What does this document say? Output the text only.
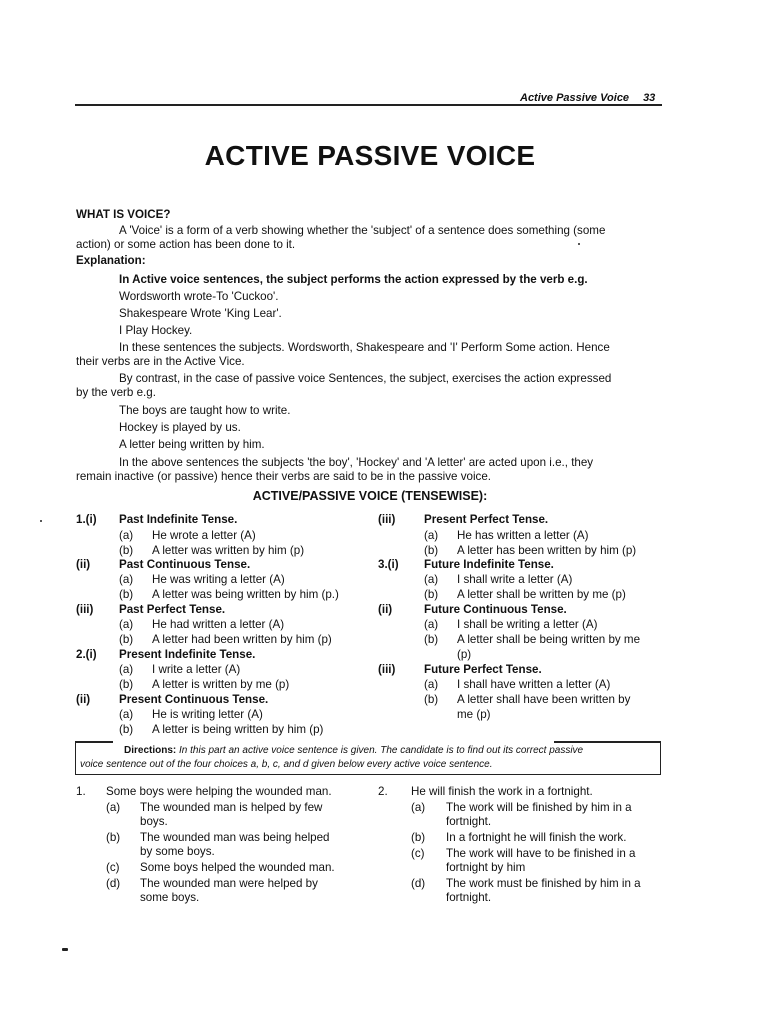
Active Passive Voice 33
ACTIVE PASSIVE VOICE
WHAT IS VOICE?
A 'Voice' is a form of a verb showing whether the 'subject' of a sentence does something (some
action) or some action has been done to it.
Explanation:
In Active voice sentences, the subject performs the action expressed by the verb e.g.
Wordsworth wrote-To 'Cuckoo'.
Shakespeare Wrote 'King Lear'.
I Play Hockey.
In these sentences the subjects. Wordsworth, Shakespeare and 'I' Perform Some action. Hence
their verbs are in the Active Vice.
By contrast, in the case of passive voice Sentences, the subject, exercises the action expressed
by the verb e.g.
The boys are taught how to write.
Hockey is played by us.
A letter being written by him.
In the above sentences the subjects 'the boy', 'Hockey' and 'A letter' are acted upon i.e., they
remain inactive (or passive) hence their verbs are said to be in the passive voice.
ACTIVE/PASSIVE VOICE (TENSEWISE):
1.(i) Past Indefinite Tense.
(a) He wrote a letter (A)
(b) A letter was written by him (p)
(ii) Past Continuous Tense.
(a) He was writing a letter (A)
(b) A letter was being written by him (p.)
(iii) Past Perfect Tense.
(a) He had written a letter (A)
(b) A letter had been written by him (p)
2.(i) Present Indefinite Tense.
(a) I write a letter (A)
(b) A letter is written by me (p)
(ii) Present Continuous Tense.
(a) He is writing letter (A)
(b) A letter is being written by him (p)
(iii) Present Perfect Tense.
(a) He has written a letter (A)
(b) A letter has been written by him (p)
3.(i) Future Indefinite Tense.
(a) I shall write a letter (A)
(b) A letter shall be written by me (p)
(ii)	Future Continuous Tense.
(a) I shall be writing a letter (A)
(b) A letter shall be being written by me
(p)
(iii) Future Perfect Tense.
(a) I shall have written a letter (A)
(b) A letter shall have been written by
me (p)
Directions: In this part an active voice sentence is given. The candidate is to find out its correct passive
voice sentence out of the four choices a, b, c, and d given below every active voice sentence.
1. Some boys were helping the wounded man.
(a) The wounded man is helped by few
boys.
(b) The wounded man was being helped
by some boys.
(c) Some boys helped the wounded man.
(d) The wounded man were helped by
some boys.
2. He will finish the work in a fortnight.
(a) The work will be finished by him in a
fortnight.
(b) In a fortnight he will finish the work.
(c) The work will have to be finished in a
fortnight by him
(d) The work must be finished by him in a
fortnight.
